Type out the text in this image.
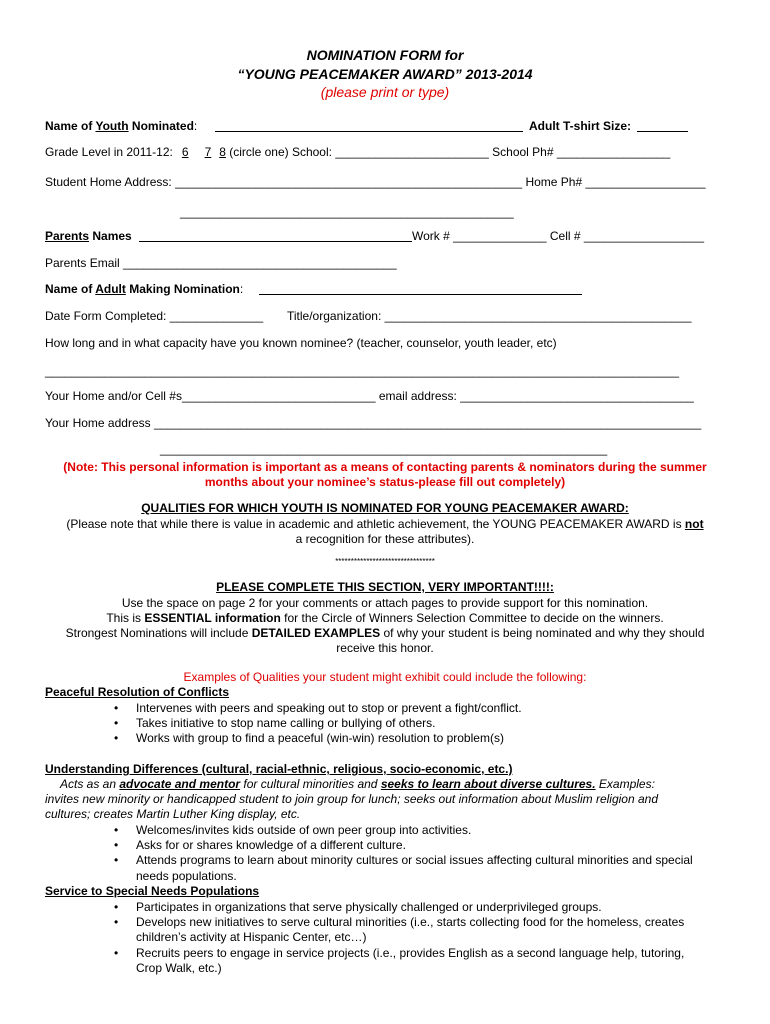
NOMINATION FORM for
“YOUNG PEACEMAKER AWARD” 2013-2014
(please print or type)
Name of Youth Nominated:	Adult T-shirt Size:
Grade Level in 2011-12: 6 7 8 (circle one) School: _______________________ School Ph# _________________
Student Home Address: ____________________________________________________ Home Ph# __________________
__________________________________________________
Parents Names	Work # ______________ Cell # __________________
Parents Email _________________________________________
Name of Adult Making Nomination:
Date Form Completed: ______________ Title/organization: ______________________________________________
How long and in what capacity have you known nominee? (teacher, counselor, youth leader, etc)
_______________________________________________________________________________________________
Your Home and/or Cell #s_____________________________ email address: ___________________________________
Your Home address __________________________________________________________________________________
___________________________________________________________________
(Note: This personal information is important as a means of contacting parents & nominators during the summer
months about your nominee’s status-please fill out completely)
QUALITIES FOR WHICH YOUTH IS NOMINATED FOR YOUNG PEACEMAKER AWARD:
(Please note that while there is value in academic and athletic achievement, the YOUNG PEACEMAKER AWARD is not
a recognition for these attributes).
********************************
PLEASE COMPLETE THIS SECTION, VERY IMPORTANT!!!!:
Use the space on page 2 for your comments or attach pages to provide support for this nomination.
This is ESSENTIAL information for the Circle of Winners Selection Committee to decide on the winners.
Strongest Nominations will include DETAILED EXAMPLES of why your student is being nominated and why they should
receive this honor.
Examples of Qualities your student might exhibit could include the following:
Peaceful Resolution of Conflicts
• Intervenes with peers and speaking out to stop or prevent a fight/conflict.
• Takes initiative to stop name calling or bullying of others.
• Works with group to find a peaceful (win-win) resolution to problem(s)
Understanding Differences (cultural, racial-ethnic, religious, socio-economic, etc.)
Acts as an advocate and mentor for cultural minorities and seeks to learn about diverse cultures. Examples:
invites new minority or handicapped student to join group for lunch; seeks out information about Muslim religion and
cultures; creates Martin Luther King display, etc.
• Welcomes/invites kids outside of own peer group into activities.
• Asks for or shares knowledge of a different culture.
• Attends programs to learn about minority cultures or social issues affecting cultural minorities and special
needs populations.
Service to Special Needs Populations
• Participates in organizations that serve physically challenged or underprivileged groups.
• Develops new initiatives to serve cultural minorities (i.e., starts collecting food for the homeless, creates
children’s activity at Hispanic Center, etc…)
• Recruits peers to engage in service projects (i.e., provides English as a second language help, tutoring,
Crop Walk, etc.)
